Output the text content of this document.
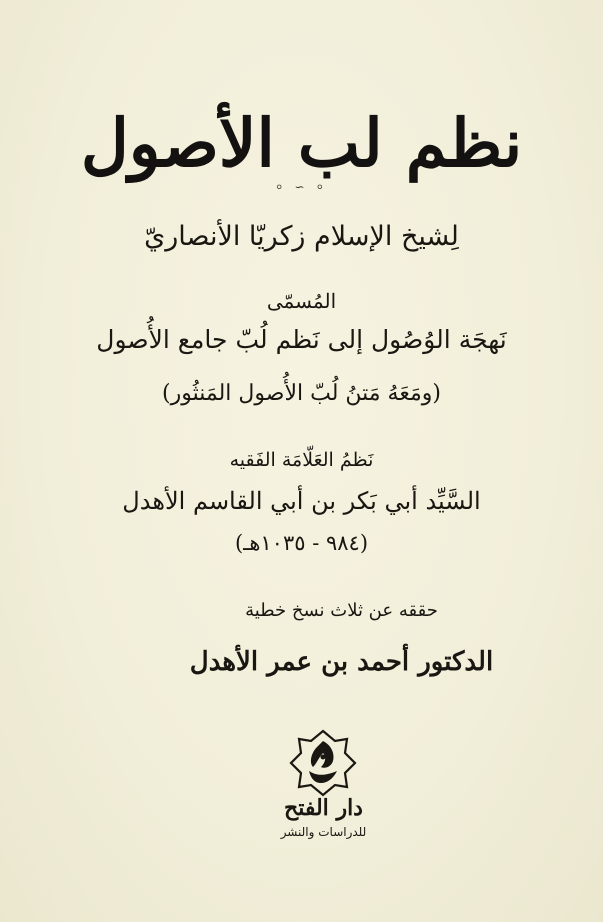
نظم لب الأصول
⸰ ∽ ⸰
لِشيخ الإسلام زكريّا الأنصاريّ
المُسمّى
نَهجَة الوُصُول إلى نَظم لُبّ جامع الأُصول
(ومَعَهُ مَتنُ لُبّ الأُصول المَنثُور)
نَظمُ العَلّامَة الفَقيه
السَّيِّد أبي بَكر بن أبي القاسم الأهدل
(٩٨٤ - ١٠٣٥هـ)
حققه عن ثلاث نسخ خطية
الدكتور أحمد بن عمر الأهدل
دار الفتح
للدراسات والنشر
